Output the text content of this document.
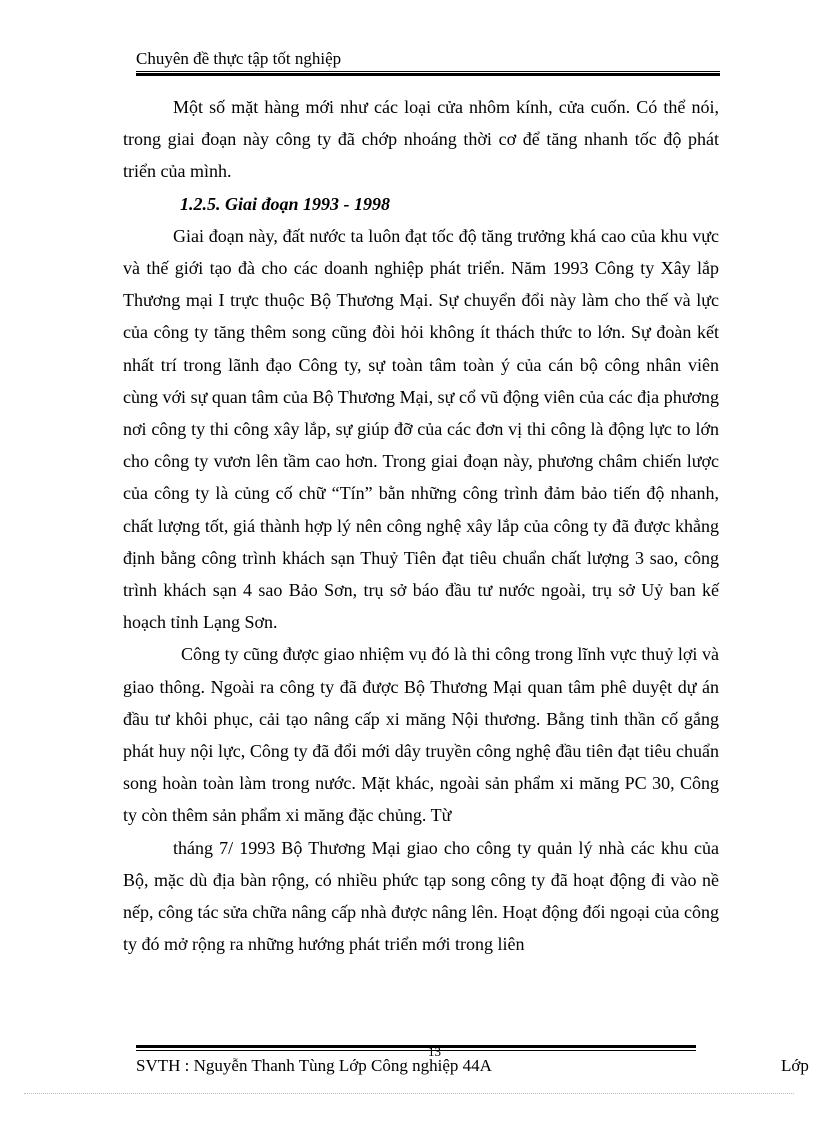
Chuyên đề thực tập tốt nghiệp

Một số mặt hàng mới như các loại cửa nhôm kính, cửa cuốn. Có thể nói, trong giai đoạn này công ty đã chớp nhoáng thời cơ để tăng nhanh tốc độ phát triển của mình.

1.2.5. Giai đoạn 1993 - 1998

Giai đoạn này, đất nước ta luôn đạt tốc độ tăng trưởng khá cao của khu vực và thế giới tạo đà cho các doanh nghiệp phát triển. Năm 1993 Công ty Xây lắp Thương mại I trực thuộc Bộ Thương Mại. Sự chuyển đổi này làm cho thế và lực của công ty tăng thêm song cũng đòi hỏi không ít thách thức to lớn. Sự đoàn kết nhất trí trong lãnh đạo Công ty, sự toàn tâm toàn ý của cán bộ công nhân viên cùng với sự quan tâm của Bộ Thương Mại, sự cổ vũ động viên của các địa phương nơi công ty thi công xây lắp, sự giúp đỡ của các đơn vị thi công là động lực to lớn cho công ty vươn lên tầm cao hơn. Trong giai đoạn này, phương châm chiến lược của công ty là củng cố chữ “Tín” bằn những công trình đảm bảo tiến độ nhanh, chất lượng tốt, giá thành hợp lý nên công nghệ xây lắp của công ty đã được khẳng định bằng công trình khách sạn Thuỷ Tiên đạt tiêu chuẩn chất lượng 3 sao, công trình khách sạn 4 sao Bảo Sơn, trụ sở báo đầu tư nước ngoài, trụ sở Uỷ ban kế hoạch tỉnh Lạng Sơn.

Công ty cũng được giao nhiệm vụ đó là thi công trong lĩnh vực thuỷ lợi và giao thông. Ngoài ra công ty đã được Bộ Thương Mại quan tâm phê duyệt dự án đầu tư khôi phục, cải tạo nâng cấp xi măng Nội thương. Bằng tinh thần cố gắng phát huy nội lực, Công ty đã đổi mới dây truyền công nghệ đầu tiên đạt tiêu chuẩn song hoàn toàn làm trong nước. Mặt khác, ngoài sản phẩm xi măng PC 30, Công ty còn thêm sản phẩm xi măng đặc chủng. Từ

tháng 7/ 1993 Bộ Thương Mại giao cho công ty quản lý nhà các khu của Bộ, mặc dù địa bàn rộng, có nhiều phức tạp song công ty đã hoạt động đi vào nề nếp, công tác sửa chữa nâng cấp nhà được nâng lên. Hoạt động đối ngoại của công ty đó mở rộng ra những hướng phát triển mới trong liên

13
SVTH : Nguyễn Thanh Tùng Lớp Công nghiệp 44A	Lớp
